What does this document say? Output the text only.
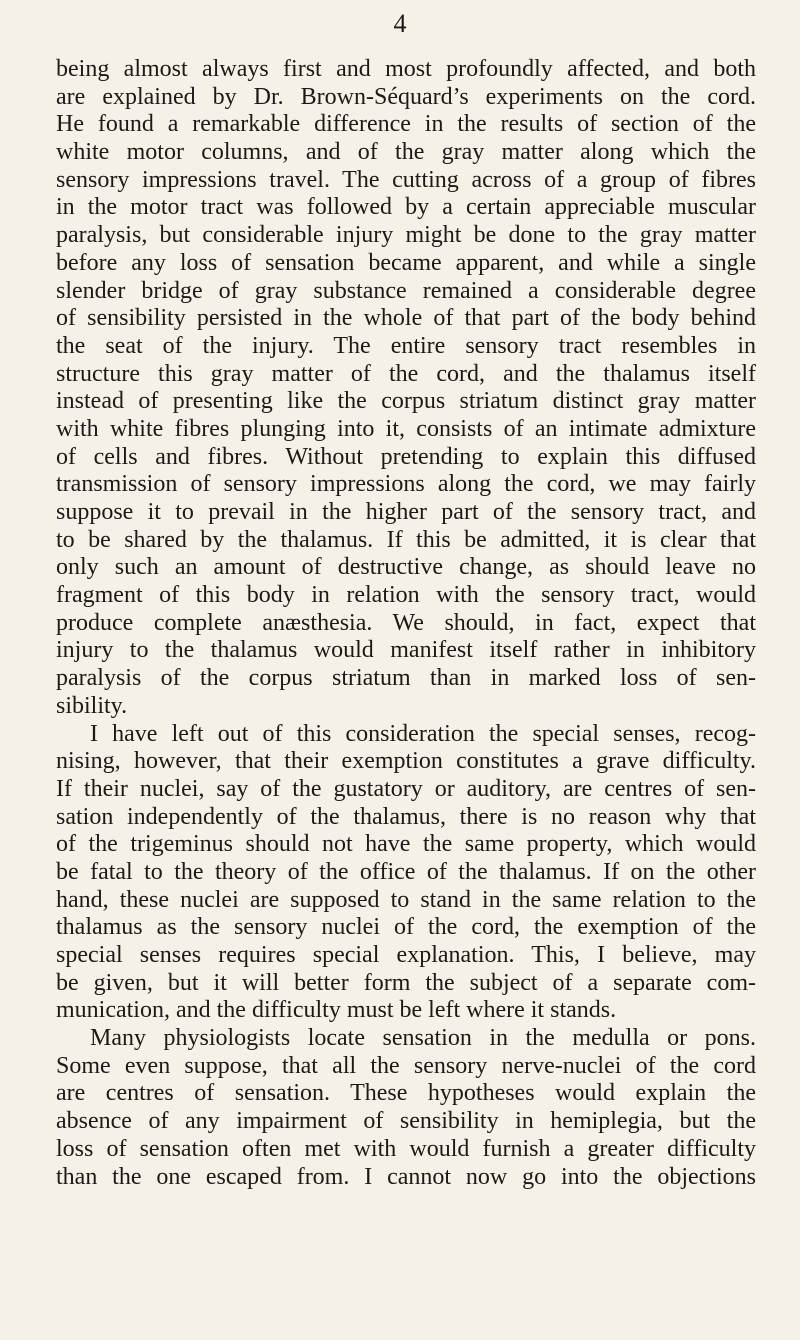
4
being almost always first and most profoundly affected, and both
are explained by Dr. Brown-Séquard’s experiments on the cord.
He found a remarkable difference in the results of section of the
white motor columns, and of the gray matter along which the
sensory impressions travel. The cutting across of a group of fibres
in the motor tract was followed by a certain appreciable muscular
paralysis, but considerable injury might be done to the gray matter
before any loss of sensation became apparent, and while a single
slender bridge of gray substance remained a considerable degree
of sensibility persisted in the whole of that part of the body behind
the seat of the injury. The entire sensory tract resembles in
structure this gray matter of the cord, and the thalamus itself
instead of presenting like the corpus striatum distinct gray matter
with white fibres plunging into it, consists of an intimate admixture
of cells and fibres. Without pretending to explain this diffused
transmission of sensory impressions along the cord, we may fairly
suppose it to prevail in the higher part of the sensory tract, and
to be shared by the thalamus. If this be admitted, it is clear that
only such an amount of destructive change, as should leave no
fragment of this body in relation with the sensory tract, would
produce complete anæsthesia. We should, in fact, expect that
injury to the thalamus would manifest itself rather in inhibitory
paralysis of the corpus striatum than in marked loss of sen-
sibility.
I have left out of this consideration the special senses, recog-
nising, however, that their exemption constitutes a grave difficulty.
If their nuclei, say of the gustatory or auditory, are centres of sen-
sation independently of the thalamus, there is no reason why that
of the trigeminus should not have the same property, which would
be fatal to the theory of the office of the thalamus. If on the other
hand, these nuclei are supposed to stand in the same relation to the
thalamus as the sensory nuclei of the cord, the exemption of the
special senses requires special explanation. This, I believe, may
be given, but it will better form the subject of a separate com-
munication, and the difficulty must be left where it stands.
Many physiologists locate sensation in the medulla or pons.
Some even suppose, that all the sensory nerve-nuclei of the cord
are centres of sensation. These hypotheses would explain the
absence of any impairment of sensibility in hemiplegia, but the
loss of sensation often met with would furnish a greater difficulty
than the one escaped from. I cannot now go into the objections
